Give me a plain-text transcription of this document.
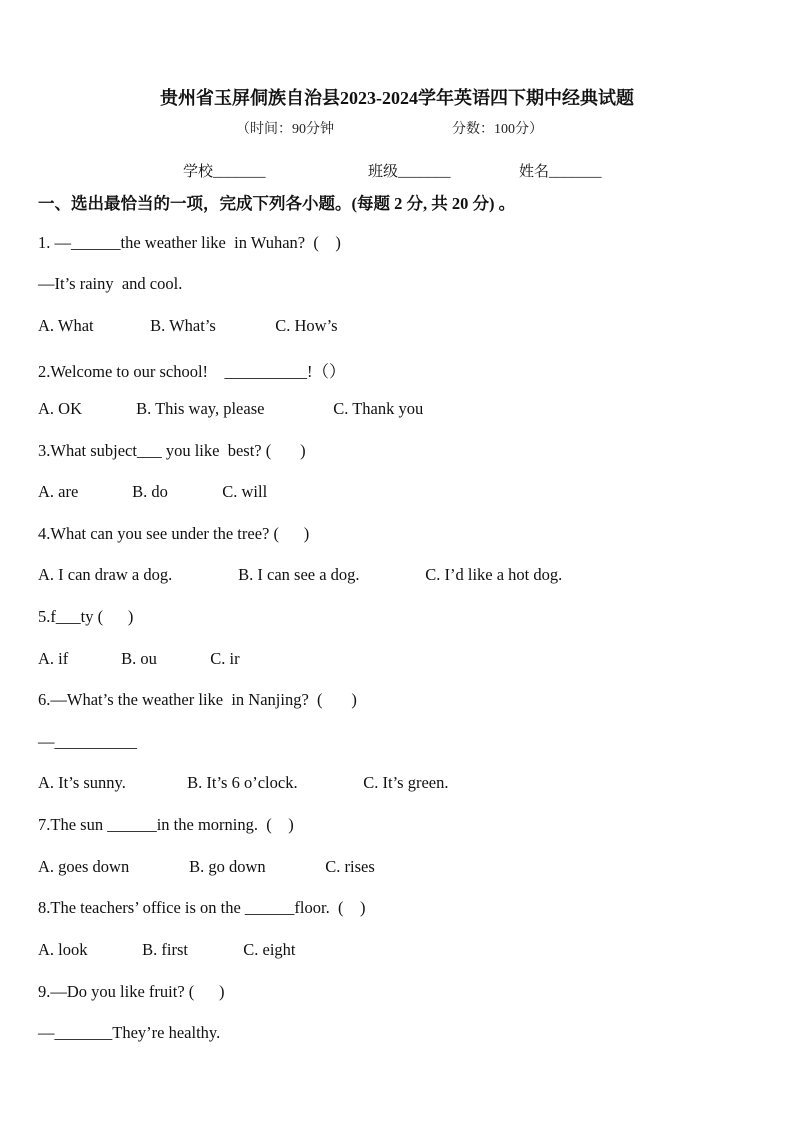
贵州省玉屏侗族自治县2023-2024学年英语四下期中经典试题
（时间：90分钟	分数：100分）
学校_______	班级_______	姓名_______
一、选出最恰当的一项，完成下列各小题。(每题 2 分, 共 20 分) 。
1. —______the weather like  in Wuhan?  (    )
—It’s rainy  and cool.
A. What	B. What’s	C. How’s
2.Welcome to our school!    __________!（）
A. OK	B. This way, please	C. Thank you
3.What subject___ you like  best? (       )
A. are	B. do	C. will
4.What can you see under the tree? (      )
A. I can draw a dog.	B. I can see a dog.	C. I’d like a hot dog.
5.f___ty (      )
A. if	B. ou	C. ir
6.—What’s the weather like  in Nanjing?  (       )
—__________
A. It’s sunny.	B. It’s 6 o’clock.	C. It’s green.
7.The sun ______in the morning.  (    )
A. goes down	B. go down	C. rises
8.The teachers’ office is on the ______floor.  (    )
A. look	B. first	C. eight
9.—Do you like fruit? (      )
—_______They’re healthy.
